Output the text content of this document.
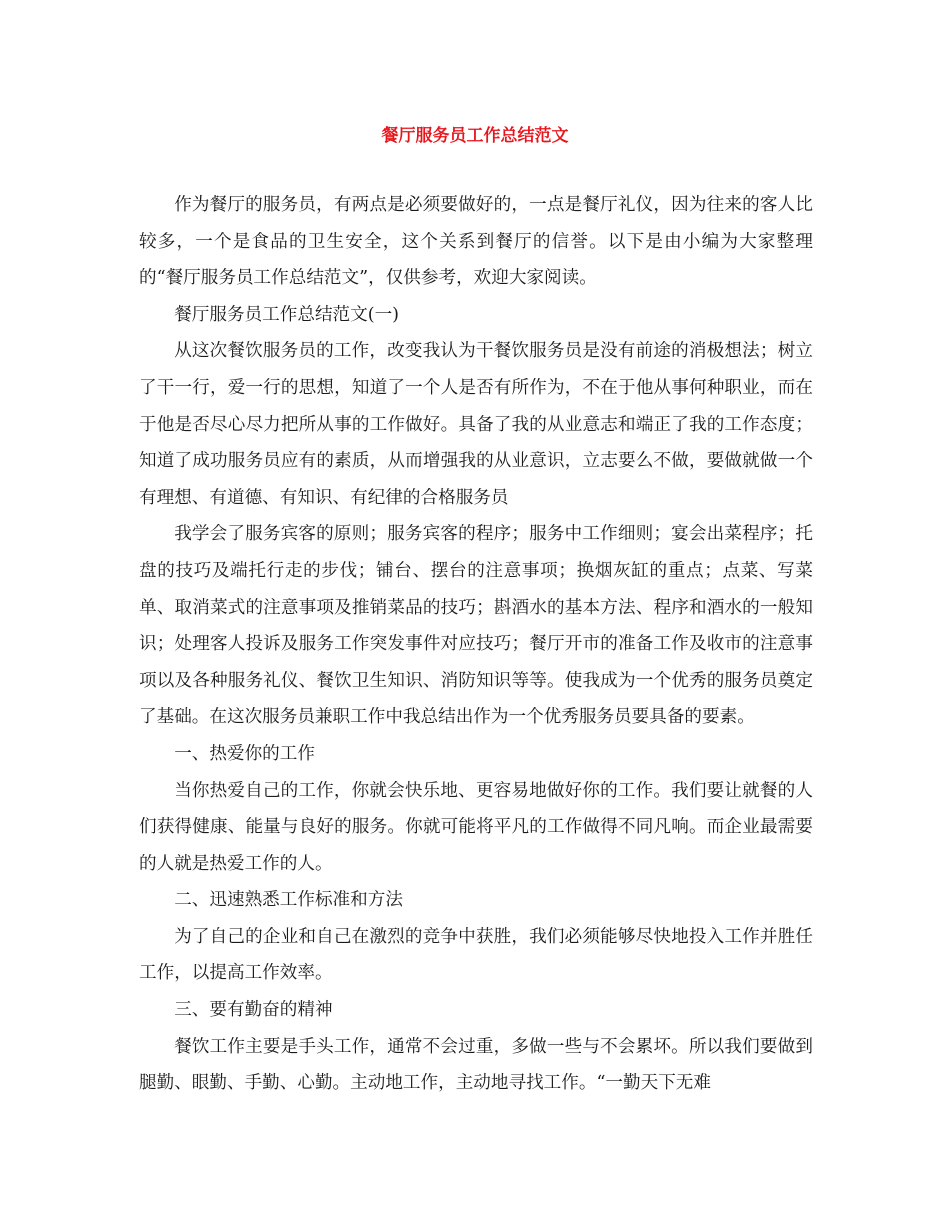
餐厅服务员工作总结范文

作为餐厅的服务员，有两点是必须要做好的，一点是餐厅礼仪，因为往来的客人比较多，一个是食品的卫生安全，这个关系到餐厅的信誉。以下是由小编为大家整理的“餐厅服务员工作总结范文”，仅供参考，欢迎大家阅读。

餐厅服务员工作总结范文(一)

从这次餐饮服务员的工作，改变我认为干餐饮服务员是没有前途的消极想法；树立了干一行，爱一行的思想，知道了一个人是否有所作为，不在于他从事何种职业，而在于他是否尽心尽力把所从事的工作做好。具备了我的从业意志和端正了我的工作态度；知道了成功服务员应有的素质，从而增强我的从业意识，立志要么不做，要做就做一个有理想、有道德、有知识、有纪律的合格服务员

我学会了服务宾客的原则；服务宾客的程序；服务中工作细则；宴会出菜程序；托盘的技巧及端托行走的步伐；铺台、摆台的注意事项；换烟灰缸的重点；点菜、写菜单、取消菜式的注意事项及推销菜品的技巧；斟酒水的基本方法、程序和酒水的一般知识；处理客人投诉及服务工作突发事件对应技巧；餐厅开市的准备工作及收市的注意事项以及各种服务礼仪、餐饮卫生知识、消防知识等等。使我成为一个优秀的服务员奠定了基础。在这次服务员兼职工作中我总结出作为一个优秀服务员要具备的要素。

一、热爱你的工作

当你热爱自己的工作，你就会快乐地、更容易地做好你的工作。我们要让就餐的人们获得健康、能量与良好的服务。你就可能将平凡的工作做得不同凡响。而企业最需要的人就是热爱工作的人。

二、迅速熟悉工作标准和方法

为了自己的企业和自己在激烈的竞争中获胜，我们必须能够尽快地投入工作并胜任工作，以提高工作效率。

三、要有勤奋的精神

餐饮工作主要是手头工作，通常不会过重，多做一些与不会累坏。所以我们要做到腿勤、眼勤、手勤、心勤。主动地工作，主动地寻找工作。“一勤天下无难
